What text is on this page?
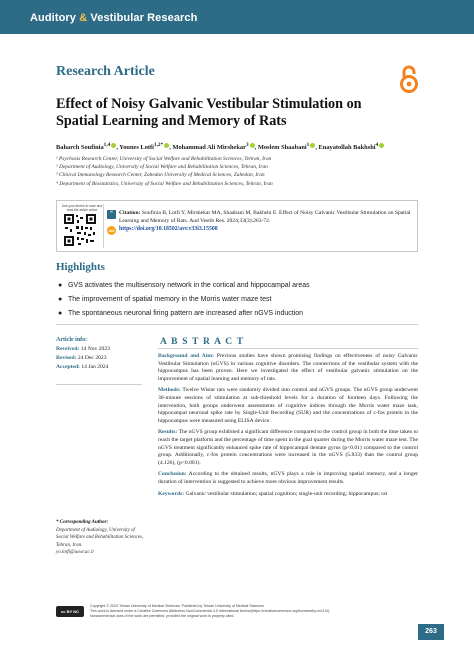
Auditory & Vestibular Research
Research Article
Effect of Noisy Galvanic Vestibular Stimulation on Spatial Learning and Memory of Rats
Baharch Soufinia$^{1,4}$ , Younes Lotfi$^{1,2*}$ , Mohammad Ali Mirshekar$^3$ , Moslem Shaabani$^1$ , Enayatollah Bakhshi$^4$
¹ Psychosis Research Center, University of Social Welfare and Rehabilitation Sciences, Tehran, Iran
² Department of Audiology, University of Social Welfare and Rehabilitation Sciences, Tehran, Iran
³ Clinical Immunology Research Center, Zahedan University of Medical Sciences, Zahedan, Iran
⁴ Department of Biostatistics, University of Social Welfare and Rehabilitation Sciences, Tehran, Iran
Use your device to scan and read the article online
“	Citation: Soufinia B, Lotfi Y, Mirshekar MA, Shaabani M, Bakhshi E. Effect of Noisy Galvanic Vestibular Stimulation on Spatial Learning and Memory of Rats. Aud Vestib Res. 2024;33(3):263-72.
doi https://doi.org/10.18502/avr.v33i3.15508
Highlights
● GVS activates the multisensory network in the cortical and hippocampal areas
● The improvement of spatial memory in the Morris water maze test
● The spontaneous neuronal firing pattern are increased after nGVS induction
Article info:
Received: 14 Nov 2023
Revised: 24 Dec 2023
Accepted: 14 Jan 2024
* Corresponding Author:
Department of Audiology, University of Social Welfare and Rehabilitation Sciences, Tehran, Iran.
yo.lotfi@uswr.ac.ir
A B S T R A C T

Background and Aim: Previous studies have shown promising findings on effectiveness of noisy Galvanic Vestibular Stimulation (nGVS) in various cognitive disorders. The connections of the vestibular system with the hippocampus has been proven. Here we investigated the effect of vestibular galvanic stimulation on the improvement of spatial learning and memory of rats.

Methods: Twelve Wistar rats were randomly divided into control and nGVS groups. The nGVS group underwent 30-minute sessions of stimulation at sub-threshold levels for a duration of fourteen days. Following the intervention, both groups underwent assessments of cognitive indices through the Morris water maze task, hippocampal neuronal spike rate by Single-Unit Recording (SUR) and the concentrations of c-fos protein in the hippocampus were measured using ELISA device.

Results: The nGVS group exhibited a significant difference compared to the control group in both the time taken to reach the target platform and the percentage of time spent in the goal quarter during the Morris water maze test. The nGVS treatment significantly enhanced spike rate of hippocampal dentate gyrus (p<0.01) compared to the control group. Additionally, c-fos protein concentrations were increased in the nGVS (5.833) than the control group (4.126), (p<0.001).

Conclusion: According to the obtained results, nGVS plays a role in improving spatial memory, and a longer duration of intervention is suggested to achieve more obvious improvement results.

Keywords: Galvanic vestibular stimulation; spatial cognition; single-unit recording; hippocampus; rat

cc BY NC
Copyright © 2024 Tehran University of Medical Sciences. Published by Tehran University of Medical Sciences
This work is licensed under a Creative Commons Attribution-NonCommercial 4.0 International license(https://creativecommons.org/licenses/by-nc/4.0/).
Noncommercial uses of the work are permitted, provided the original work is properly cited.
263
